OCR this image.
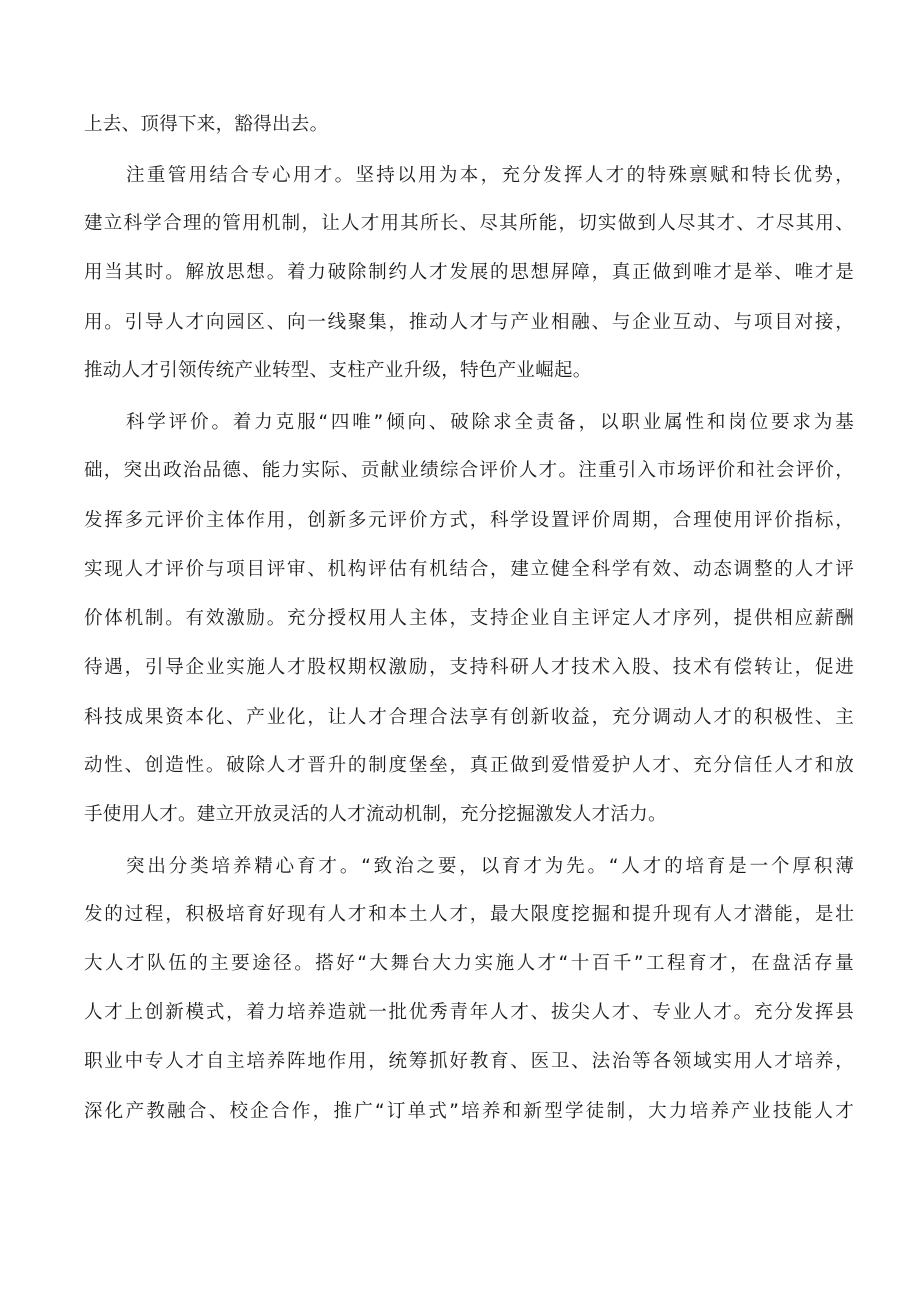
上去、顶得下来，豁得出去。
注重管用结合专心用才。坚持以用为本，充分发挥人才的特殊禀赋和特长优势，
建立科学合理的管用机制，让人才用其所长、尽其所能，切实做到人尽其才、才尽其用、
用当其时。解放思想。着力破除制约人才发展的思想屏障，真正做到唯才是举、唯才是
用。引导人才向园区、向一线聚集，推动人才与产业相融、与企业互动、与项目对接，
推动人才引领传统产业转型、支柱产业升级，特色产业崛起。
科学评价。着力克服“四唯”倾向、破除求全责备，以职业属性和岗位要求为基
础，突出政治品德、能力实际、贡献业绩综合评价人才。注重引入市场评价和社会评价，
发挥多元评价主体作用，创新多元评价方式，科学设置评价周期，合理使用评价指标，
实现人才评价与项目评审、机构评估有机结合，建立健全科学有效、动态调整的人才评
价体机制。有效激励。充分授权用人主体，支持企业自主评定人才序列，提供相应薪酬
待遇，引导企业实施人才股权期权激励，支持科研人才技术入股、技术有偿转让，促进
科技成果资本化、产业化，让人才合理合法享有创新收益，充分调动人才的积极性、主
动性、创造性。破除人才晋升的制度堡垒，真正做到爱惜爱护人才、充分信任人才和放
手使用人才。建立开放灵活的人才流动机制，充分挖掘激发人才活力。
突出分类培养精心育才。“致治之要，以育才为先。“人才的培育是一个厚积薄
发的过程，积极培育好现有人才和本土人才，最大限度挖掘和提升现有人才潜能，是壮
大人才队伍的主要途径。搭好“大舞台大力实施人才“十百千”工程育才，在盘活存量
人才上创新模式，着力培养造就一批优秀青年人才、拔尖人才、专业人才。充分发挥县
职业中专人才自主培养阵地作用，统筹抓好教育、医卫、法治等各领域实用人才培养，
深化产教融合、校企合作，推广“订单式”培养和新型学徒制，大力培养产业技能人才
